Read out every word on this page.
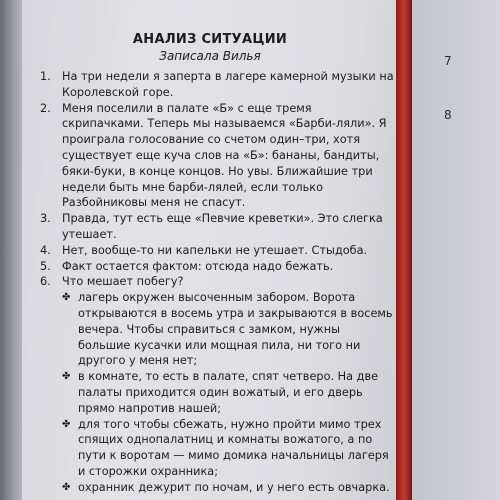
АНАЛИЗ СИТУАЦИИ
Записала Вилья
1. На три недели я заперта в лагере камерной музыки на Королевской горе.
2. Меня поселили в палате «Б» с еще тремя скрипачками. Теперь мы называемся «Барби-ляли». Я проиграла голосование со счетом один–три, хотя существует еще куча слов на «Б»: бананы, бандиты, бяки-буки, в конце концов. Но увы. Ближайшие три недели быть мне барби-лялей, если только Разбойниковы меня не спасут.
3. Правда, тут есть еще «Певчие креветки». Это слегка утешает.
4. Нет, вообще-то ни капельки не утешает. Стыдоба.
5. Факт остается фактом: отсюда надо бежать.
6. Что мешает побегу?
✤ лагерь окружен высоченным забором. Ворота открываются в восемь утра и закрываются в восемь вечера. Чтобы справиться с замком, нужны большие кусачки или мощная пила, ни того ни другого у меня нет;
✤ в комнате, то есть в палате, спят четверо. На две палаты приходится один вожатый, и его дверь прямо напротив нашей;
✤ для того чтобы сбежать, нужно пройти мимо трех спящих однопалатниц и комнаты вожатого, а по пути к воротам — мимо домика начальницы лагеря и сторожки охранника;
✤ охранник дежурит по ночам, и у него есть овчарка.
7
8
